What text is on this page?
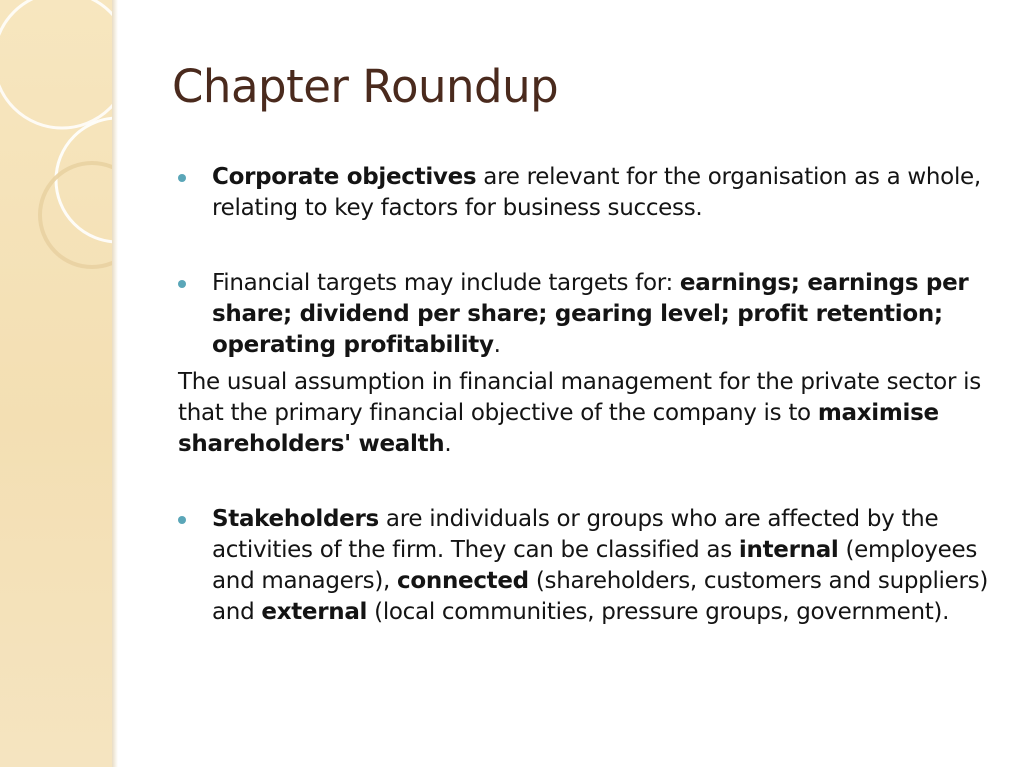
Chapter Roundup
Corporate objectives are relevant for the organisation as a whole, relating to key factors for business success.
Financial targets may include targets for: earnings; earnings per share; dividend per share; gearing level; profit retention; operating profitability.
The usual assumption in financial management for the private sector is that the primary financial objective of the company is to maximise shareholders' wealth.
Stakeholders are individuals or groups who are affected by the activities of the firm. They can be classified as internal (employees and managers), connected (shareholders, customers and suppliers) and external (local communities, pressure groups, government).
